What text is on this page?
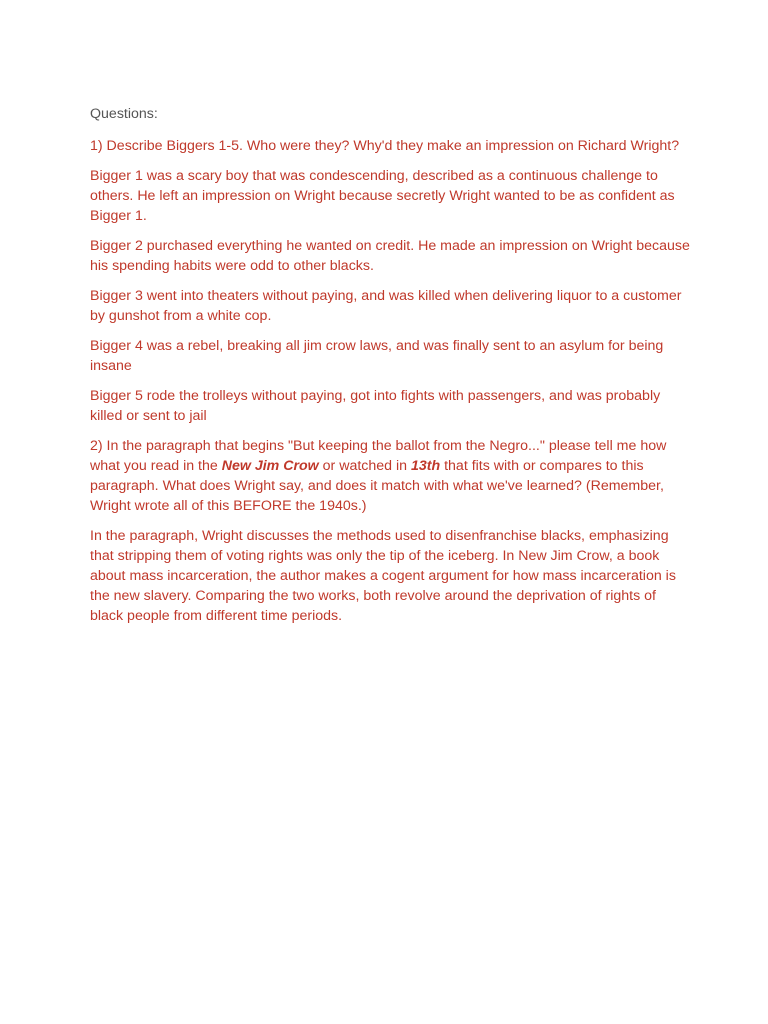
Questions:

1) Describe Biggers 1-5. Who were they? Why'd they make an impression on Richard Wright?

Bigger 1 was a scary boy that was condescending, described as a continuous challenge to others. He left an impression on Wright because secretly Wright wanted to be as confident as Bigger 1.

Bigger 2 purchased everything he wanted on credit. He made an impression on Wright because his spending habits were odd to other blacks.

Bigger 3 went into theaters without paying, and was killed when delivering liquor to a customer by gunshot from a white cop.

Bigger 4 was a rebel, breaking all jim crow laws, and was finally sent to an asylum for being insane

Bigger 5 rode the trolleys without paying, got into fights with passengers, and was probably killed or sent to jail

2) In the paragraph that begins "But keeping the ballot from the Negro..." please tell me how what you read in the New Jim Crow or watched in 13th that fits with or compares to this paragraph. What does Wright say, and does it match with what we've learned? (Remember, Wright wrote all of this BEFORE the 1940s.)

In the paragraph, Wright discusses the methods used to disenfranchise blacks, emphasizing that stripping them of voting rights was only the tip of the iceberg. In New Jim Crow, a book about mass incarceration, the author makes a cogent argument for how mass incarceration is the new slavery. Comparing the two works, both revolve around the deprivation of rights of black people from different time periods.
